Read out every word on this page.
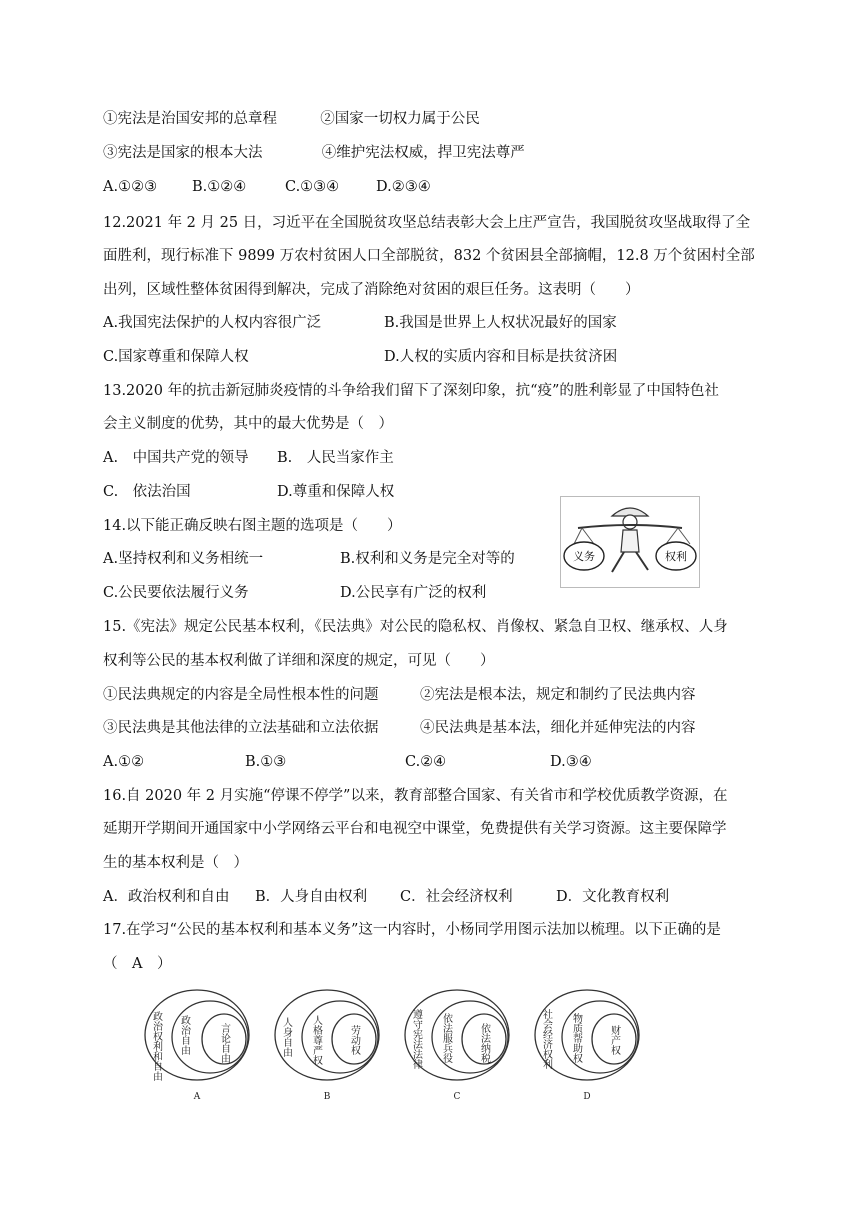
①宪法是治国安邦的总章程	②国家一切权力属于公民
③宪法是国家的根本大法	④维护宪法权威，捍卫宪法尊严
A.①②③ B.①②④	C.①③④	D.②③④
12.2021 年 2 月 25 日，习近平在全国脱贫攻坚总结表彰大会上庄严宣告，我国脱贫攻坚战取得了全
面胜利，现行标准下 9899 万农村贫困人口全部脱贫，832 个贫困县全部摘帽，12.8 万个贫困村全部
出列，区域性整体贫困得到解决，完成了消除绝对贫困的艰巨任务。这表明（　　）
A.我国宪法保护的人权内容很广泛	B.我国是世界上人权状况最好的国家
C.国家尊重和保障人权	D.人权的实质内容和目标是扶贫济困
13.2020 年的抗击新冠肺炎疫情的斗争给我们留下了深刻印象，抗“疫”的胜利彰显了中国特色社
会主义制度的优势，其中的最大优势是（　）
A.　中国共产党的领导 B.　人民当家作主
C.　依法治国	D.尊重和保障人权
14.以下能正确反映右图主题的选项是（　　）
A.坚持权利和义务相统一	B.权利和义务是完全对等的
C.公民要依法履行义务	D.公民享有广泛的权利
义务	权利
15.《宪法》规定公民基本权利，《民法典》对公民的隐私权、肖像权、紧急自卫权、继承权、人身
权利等公民的基本权利做了详细和深度的规定，可见（　　）
①民法典规定的内容是全局性根本性的问题	②宪法是根本法，规定和制约了民法典内容
③民法典是其他法律的立法基础和立法依据	④民法典是基本法，细化并延伸宪法的内容
A.①②	B.①③	C.②④	D.③④
16.自 2020 年 2 月实施“停课不停学”以来，教育部整合国家、有关省市和学校优质教学资源，在
延期开学期间开通国家中小学网络云平台和电视空中课堂，免费提供有关学习资源。这主要保障学
生的基本权利是（　）
A．政治权利和自由 B．人身自由权利 C．社会经济权利	D．文化教育权利
17.在学习“公民的基本权利和基本义务”这一内容时，小杨同学用图示法加以梳理。以下正确的是
（　A　）
政治权利和自由 政治自由	言论自由
A
人身自由 人格尊严权	劳动权
B
遵守宪法法律 依法服兵役	依法纳税
C
社会经济权利 物质帮助权	财产权
D
